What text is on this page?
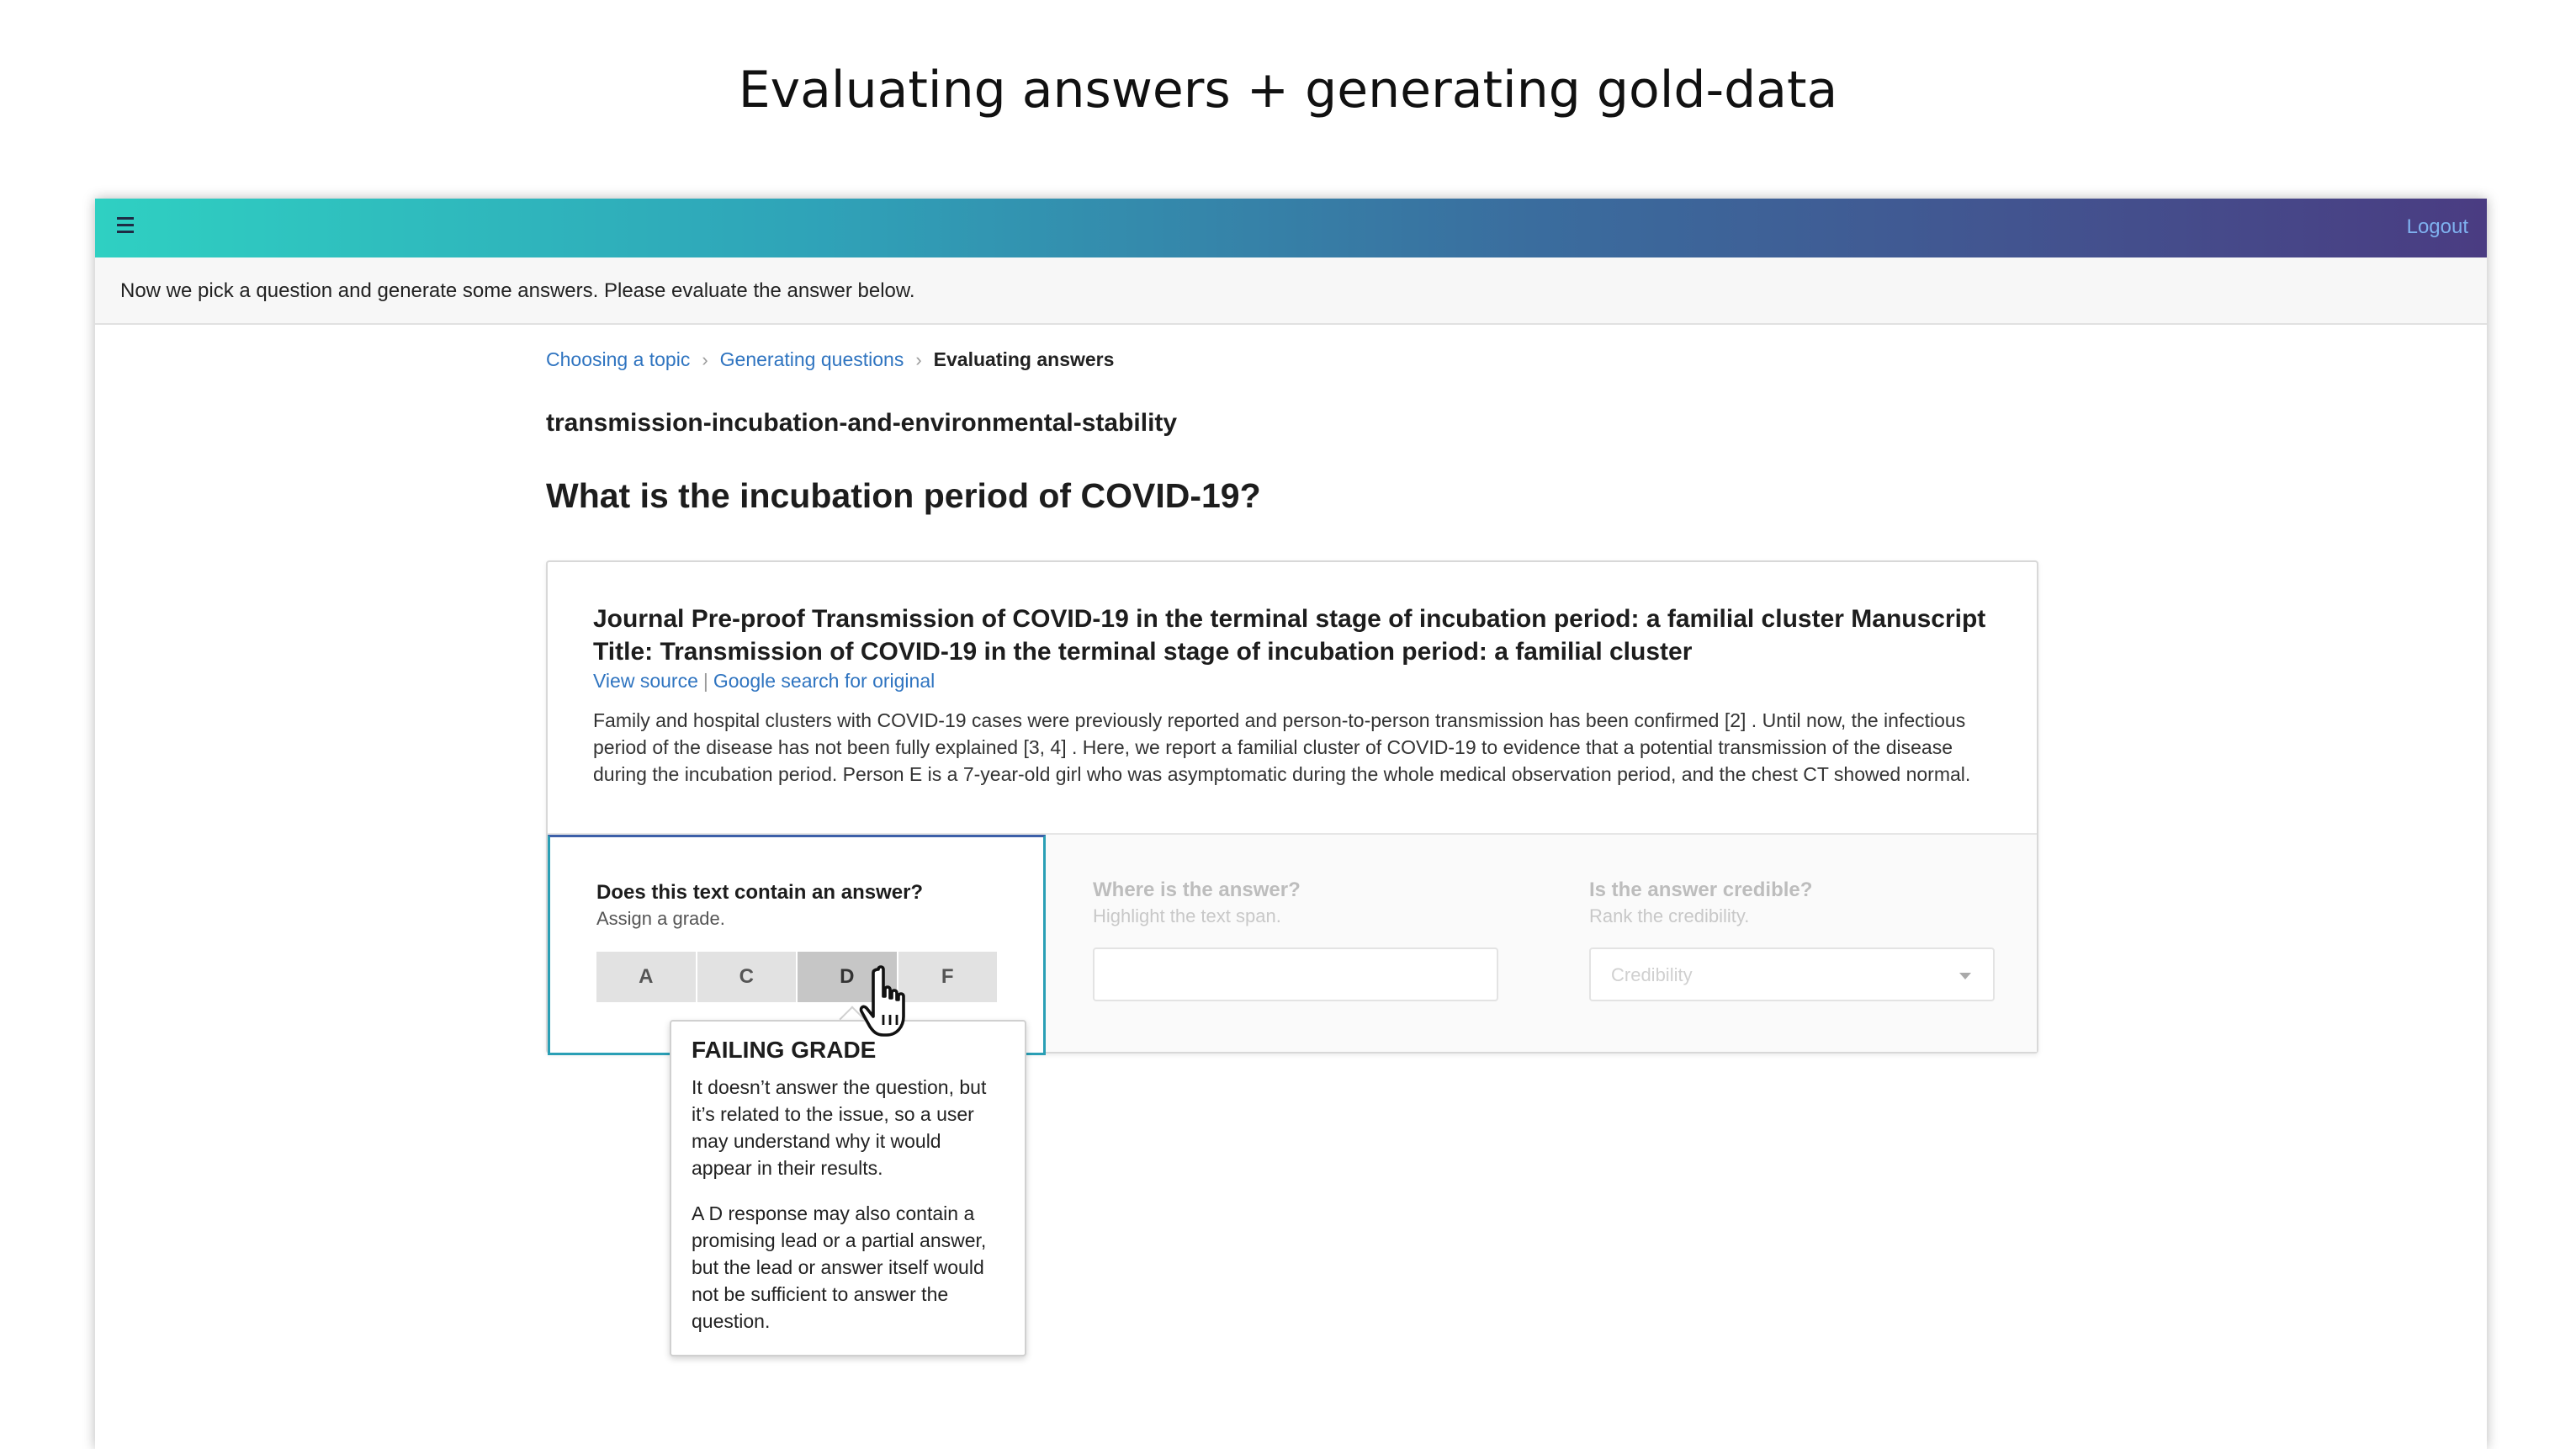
Evaluating answers + generating gold-data
Logout

Now we pick a question and generate some answers. Please evaluate the answer below.

Choosing a topic › Generating questions › Evaluating answers
transmission-incubation-and-environmental-stability
What is the incubation period of COVID-19?
Journal Pre-proof Transmission of COVID-19 in the terminal stage of incubation period: a familial cluster Manuscript Title: Transmission of COVID-19 in the terminal stage of incubation period: a familial cluster
View source | Google search for original
Family and hospital clusters with COVID-19 cases were previously reported and person-to-person transmission has been confirmed [2] . Until now, the infectious period of the disease has not been fully explained [3, 4] . Here, we report a familial cluster of COVID-19 to evidence that a potential transmission of the disease during the incubation period. Person E is a 7-year-old girl who was asymptomatic during the whole medical observation period, and the chest CT showed normal.
Does this text contain an answer?
Assign a grade.
A	C	D	F
Where is the answer?
Highlight the text span.
Is the answer credible?
Rank the credibility.
Credibility
FAILING GRADE

It doesn’t answer the question, but it’s related to the issue, so a user may understand why it would appear in their results.

A D response may also contain a promising lead or a partial answer, but the lead or answer itself would not be sufficient to answer the question.
